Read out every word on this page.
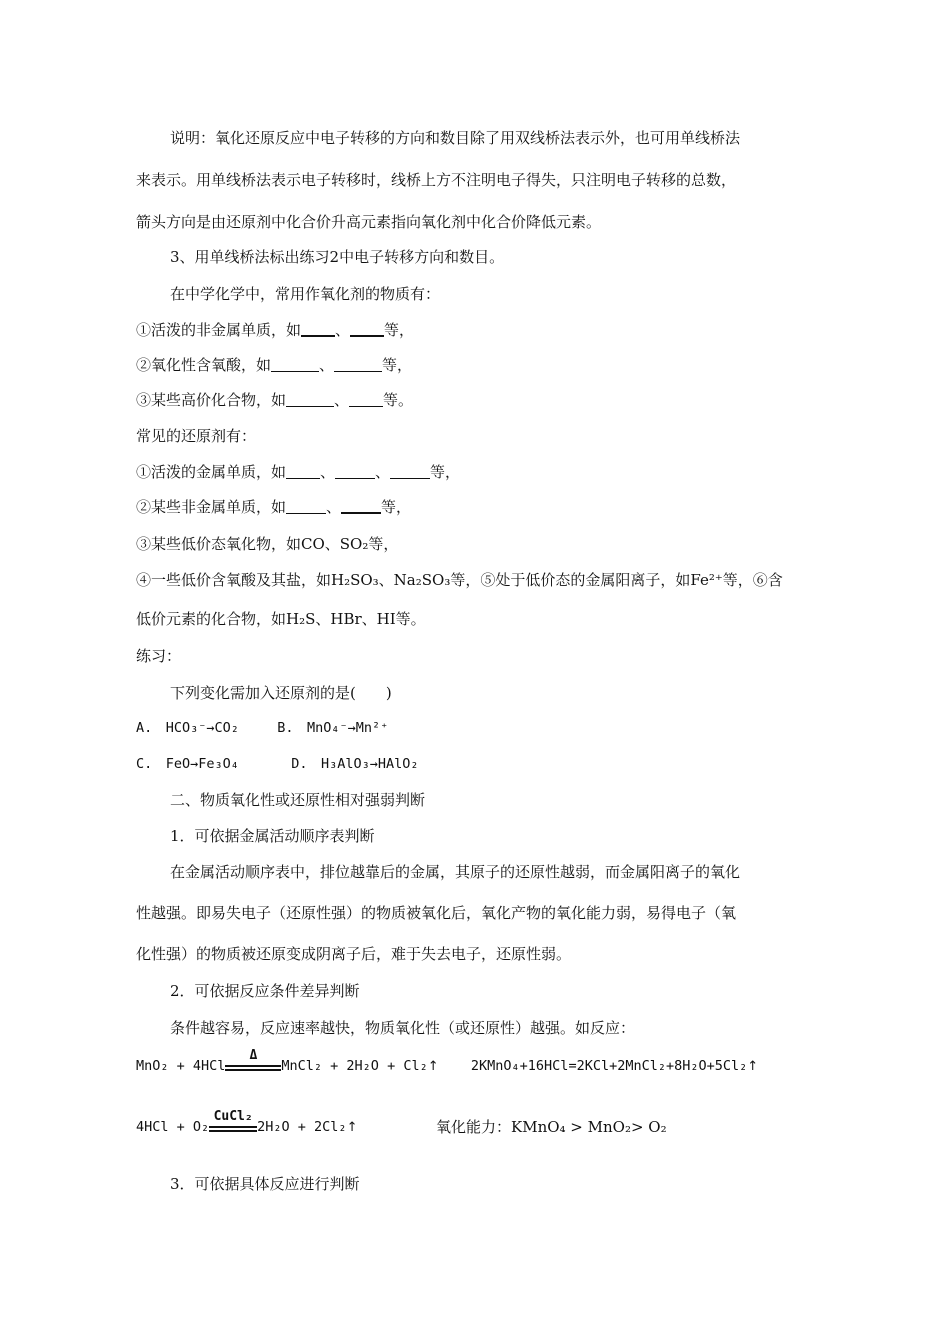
说明：氧化还原反应中电子转移的方向和数目除了用双线桥法表示外，也可用单线桥法
来表示。用单线桥法表示电子转移时，线桥上方不注明电子得失，只注明电子转移的总数，
箭头方向是由还原剂中化合价升高元素指向氧化剂中化合价降低元素。
3、用单线桥法标出练习2中电子转移方向和数目。
在中学化学中，常用作氧化剂的物质有：
①活泼的非金属单质，如 、 等，
②氧化性含氧酸，如	、	等，
③某些高价化合物，如	、 等。
常见的还原剂有：
①活泼的金属单质，如 、	、	等，
②某些非金属单质，如	、	等，
③某些低价态氧化物，如CO、SO₂等，
④一些低价含氧酸及其盐，如H₂SO₃、Na₂SO₃等，⑤处于低价态的金属阳离子，如Fe²⁺等，⑥含
低价元素的化合物，如H₂S、HBr、HI等。
练习：
下列变化需加入还原剂的是(　　)
A.　HCO₃⁻→CO₂	B.　MnO₄⁻→Mn²⁺
C.　FeO→Fe₃O₄	D.　H₃AlO₃→HAlO₂
二、物质氧化性或还原性相对强弱判断
1．可依据金属活动顺序表判断
在金属活动顺序表中，排位越靠后的金属，其原子的还原性越弱，而金属阳离子的氧化
性越强。即易失电子（还原性强）的物质被氧化后，氧化产物的氧化能力弱，易得电子（氧
化性强）的物质被还原变成阴离子后，难于失去电子，还原性弱。
2．可依据反应条件差异判断
条件越容易，反应速率越快，物质氧化性（或还原性）越强。如反应：
MnO₂ + 4HCl
Δ
MnCl₂ + 2H₂O + Cl₂↑ 2KMnO₄+16HCl=2KCl+2MnCl₂+8H₂O+5Cl₂↑
4HCl + O₂
CuCl₂
2H₂O + 2Cl₂↑	氧化能力：KMnO₄ > MnO₂> O₂
3．可依据具体反应进行判断
